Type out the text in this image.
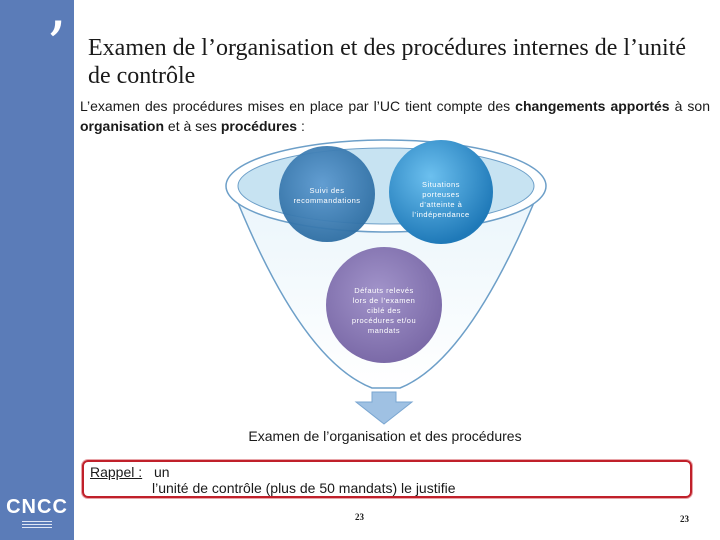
CNCC
’ Examen de l’organisation et des procédures internes de l’unité de contrôle

L’examen des procédures mises en place par l’UC tient compte des changements apportés à son organisation et à ses procédures :

Suivi des recommandations
Situations porteuses d’atteinte à l’indépendance
Défauts relevés lors de l’examen ciblé des procédures et/ou mandats
Examen de l’organisation et des procédures
Rappel : un
l’unité de contrôle (plus de 50 mandats) le justifie
23	23
